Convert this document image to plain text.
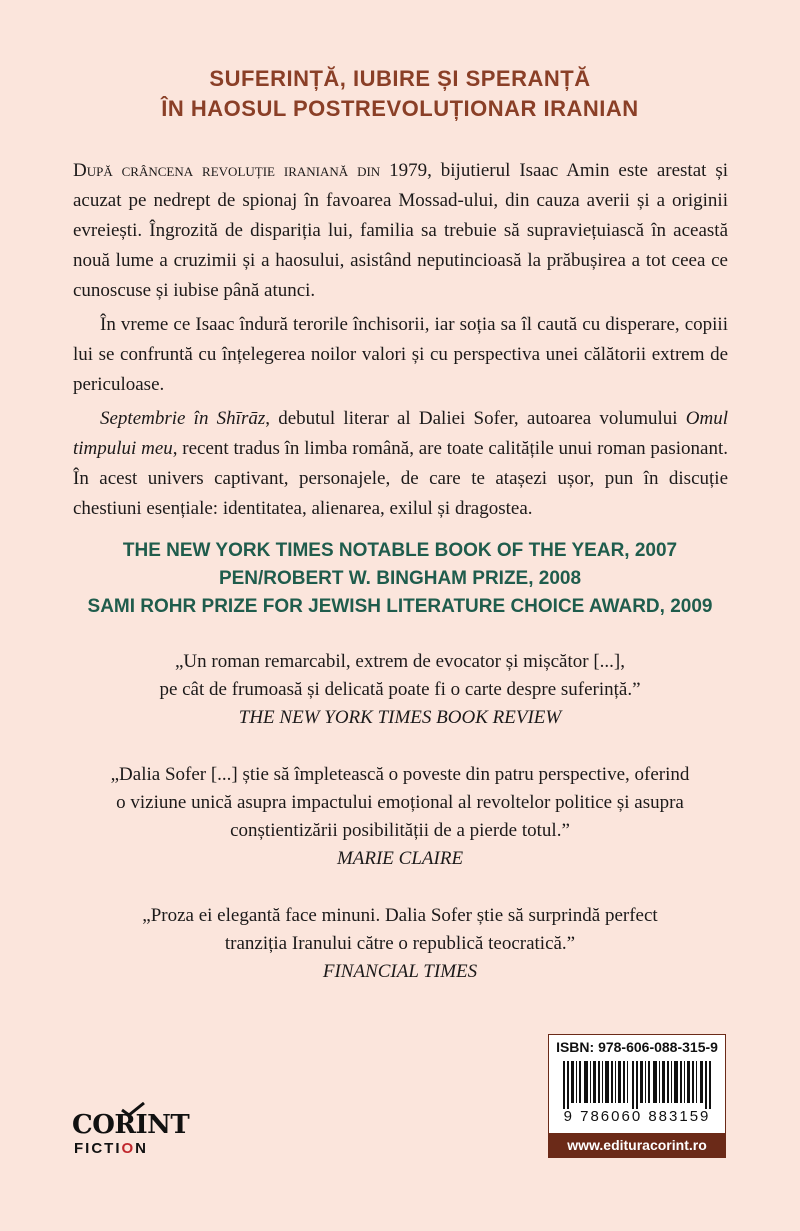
SUFERINȚĂ, IUBIRE ȘI SPERANȚĂ
ÎN HAOSUL POSTREVOLUȚIONAR IRANIAN

După crâncena revoluție iraniană din 1979, bijutierul Isaac Amin este arestat și acuzat pe nedrept de spionaj în favoarea Mossad-ului, din cauza averii și a originii evreiești. Îngrozită de dispariția lui, familia sa trebuie să supraviețuiască în această nouă lume a cruzimii și a haosului, asistând neputincioasă la prăbușirea a tot ceea ce cunoscuse și iubise până atunci.

În vreme ce Isaac îndură terorile închisorii, iar soția sa îl caută cu disperare, copiii lui se confruntă cu înțelegerea noilor valori și cu perspectiva unei călătorii extrem de periculoase.

Septembrie în Shīrāz, debutul literar al Daliei Sofer, autoarea volumului Omul timpului meu, recent tradus în limba română, are toate calitățile unui roman pasionant. În acest univers captivant, personajele, de care te atașezi ușor, pun în discuție chestiuni esențiale: identitatea, alienarea, exilul și dragostea.

THE NEW YORK TIMES NOTABLE BOOK OF THE YEAR, 2007
PEN/ROBERT W. BINGHAM PRIZE, 2008
SAMI ROHR PRIZE FOR JEWISH LITERATURE CHOICE AWARD, 2009
„Un roman remarcabil, extrem de evocator și mișcător [...],
pe cât de frumoasă și delicată poate fi o carte despre suferință.”
THE NEW YORK TIMES BOOK REVIEW
„Dalia Sofer [...] știe să împletească o poveste din patru perspective, oferind
o viziune unică asupra impactului emoțional al revoltelor politice și asupra
conștientizării posibilității de a pierde totul.”
MARIE CLAIRE
„Proza ei elegantă face minuni. Dalia Sofer știe să surprindă perfect
tranziția Iranului către o republică teocratică.”
FINANCIAL TIMES
CORINT
FICTION
ISBN: 978-606-088-315-9
9 786060 883159
www.edituracorint.ro
